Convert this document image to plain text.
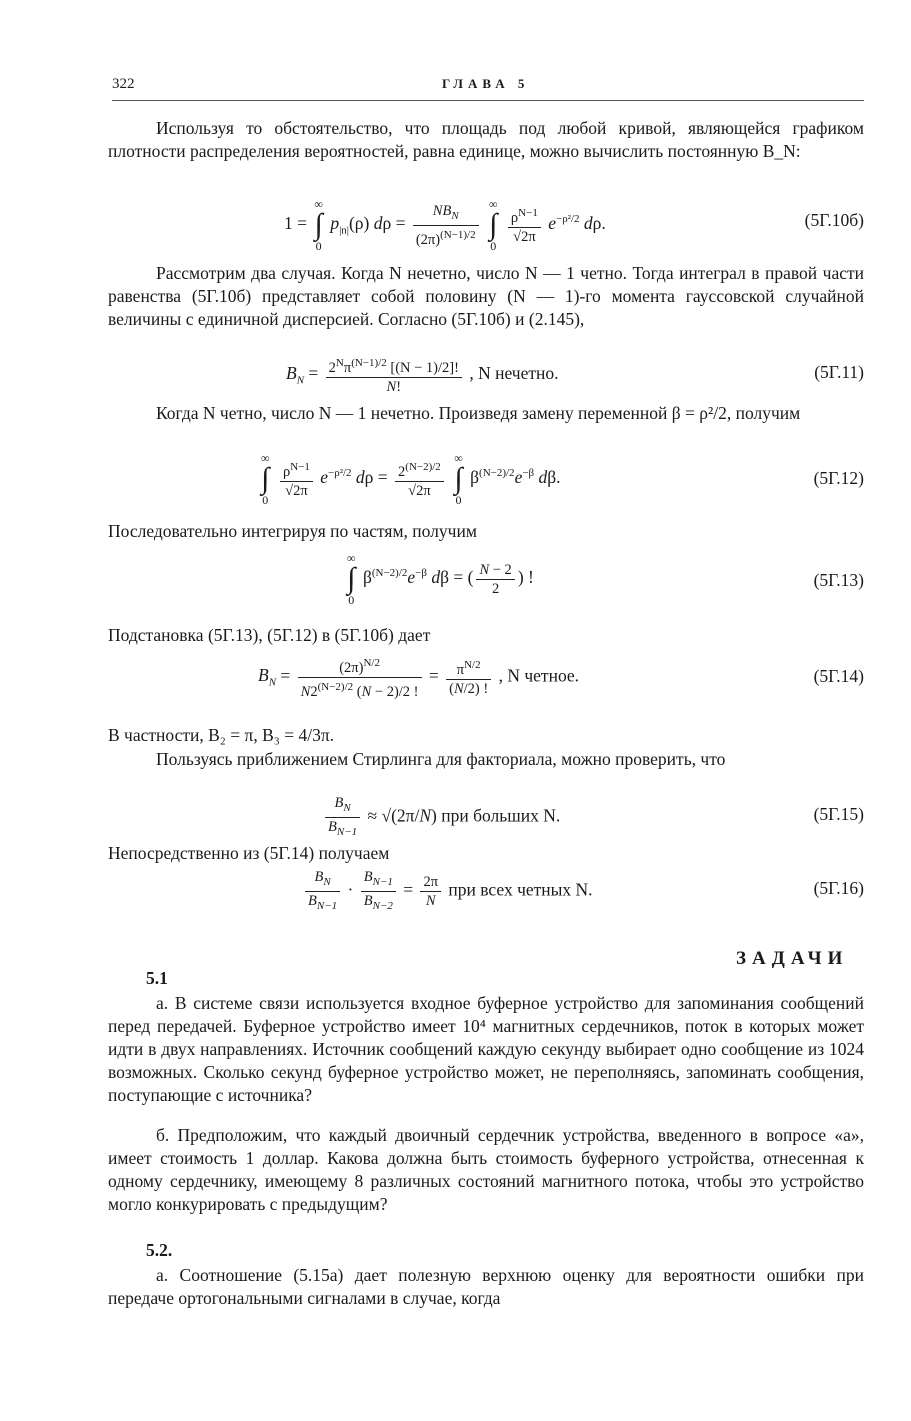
322	ГЛАВА 5
Используя то обстоятельство, что площадь под любой кривой, являющейся графиком плотности распределения вероятностей, равна единице, можно вычислить постоянную B_N:
1 = ∞
∫
0 $p_{|n|}(\rho) d\rho = \frac{NB_N}{(2\pi)^{(N-1)/2}}$ ∞
∫
0
$\frac{\rho^{N-1}}{√2\pi} e^{-\rho^2/2}$ dρ.	(5Г.10б)
Рассмотрим два случая. Когда N нечетно, число N — 1 четно. Тогда интеграл в правой части равенства (5Г.10б) представляет собой половину (N — 1)-го момента гауссовской случайной величины с единичной дисперсией. Согласно (5Г.10б) и (2.145),
$B_N = \frac{2^N\pi^{(N-1)/2} [(N - 1)/2]!}{N!}$ , N нечетно.	(5Г.11)
Когда N четно, число N — 1 нечетно. Произведя замену переменной β = ρ²/2, получим
∞
∫
0
$\frac{\rho^{N-1}}{√2\pi} e^{-\rho^2/2}$ $d\rho = \frac{2^{(N-2)/2}}{√2\pi}$
∞
∫
0 $\beta^{(N-2)/2}e^{-\beta}$ dβ.	(5Г.12)
Последовательно интегрируя по частям, получим
∞
∫
0 $\beta^{(N-2)/2}e^{-\beta}$ dβ = ( $\frac{N - 2}{2}$ ) !	(5Г.13)
Подстановка (5Г.13), (5Г.12) в (5Г.10б) дает
$B_N = \frac{(2\pi)^{N/2}}{N2^{(N-2)/2} (N - 2)/2 !} = \frac{\pi^{N/2}}{(N/2) !}$ , N четное.	(5Г.14)
В частности, B₂ = π, B₃ = 4/3π.
Пользуясь приближением Стирлинга для факториала, можно проверить, что
$\frac{B_N}{B_{N-1}} \approx √(2\pi/N)$ при больших N.	(5Г.15)
Непосредственно из (5Г.14) получаем
$\frac{B_N}{B_{N-1}} \cdot \frac{B_{N-1}}{B_{N-2}} = \frac{2\pi}{N}$ при всех четных N.	(5Г.16)
ЗАДАЧИ
5.1
а. В системе связи используется входное буферное устройство для запоминания сообщений перед передачей. Буферное устройство имеет 10⁴ магнитных сердечников, поток в которых может идти в двух направлениях. Источник сообщений каждую секунду выбирает одно сообщение из 1024 возможных. Сколько секунд буферное устройство может, не переполняясь, запоминать сообщения, поступающие с источника?
б. Предположим, что каждый двоичный сердечник устройства, введенного в вопросе «а», имеет стоимость 1 доллар. Какова должна быть стоимость буферного устройства, отнесенная к одному сердечнику, имеющему 8 различных состояний магнитного потока, чтобы это устройство могло конкурировать с предыдущим?
5.2.
а. Соотношение (5.15а) дает полезную верхнюю оценку для вероятности ошибки при передаче ортогональными сигналами в случае, когда
